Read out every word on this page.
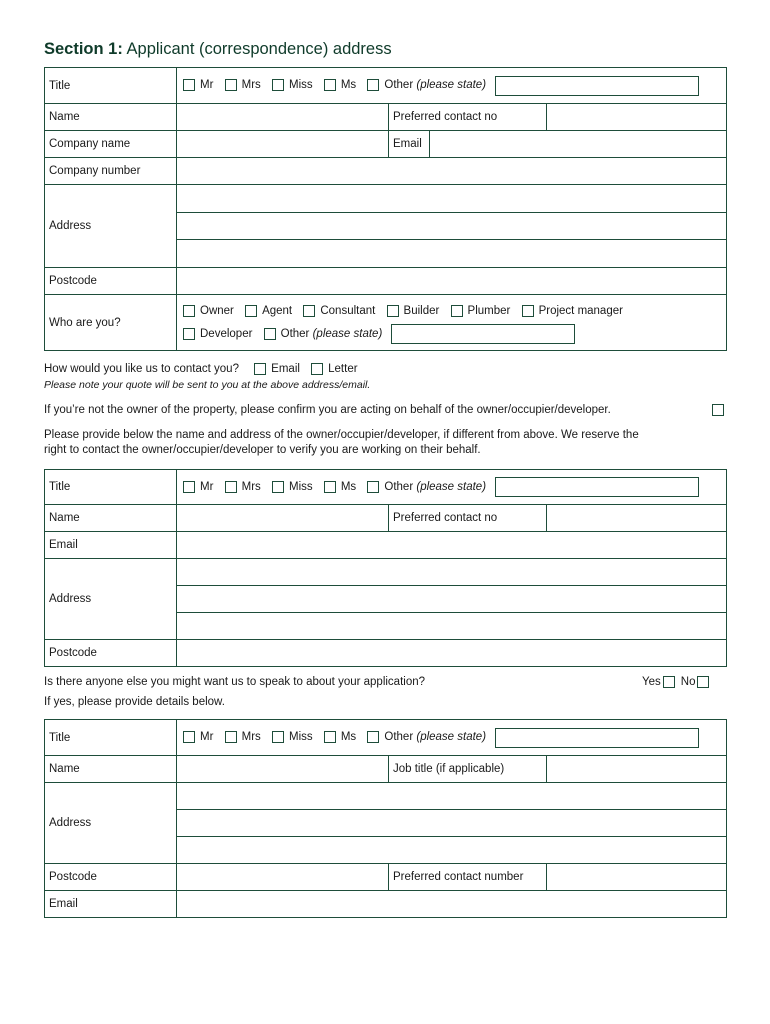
Section 1: Applicant (correspondence) address
Title	Mr Mrs Miss Ms Other (please state)		
Name		Preferred contact no	
Company name		Email	

Company number			
Address			

Postcode			
Who are you?	Owner Agent Consultant Builder Plumber Project manager
Developer Other (please state)		
How would you like us to contact you?	Email Letter
Please note your quote will be sent to you at the above address/email.
If you’re not the owner of the property, please confirm you are acting on behalf of the owner/occupier/developer.
Please provide below the name and address of the owner/occupier/developer, if different from above. We reserve the
right to contact the owner/occupier/developer to verify you are working on their behalf.
Title	Mr Mrs Miss Ms Other (please state)		
Name		Preferred contact no	
Email			
Address			

Postcode			
Is there anyone else you might want us to speak to about your application?	Yes No
If yes, please provide details below.
Title	Mr Mrs Miss Ms Other (please state)		
Name		Job title (if applicable)	
Address			

Postcode		Preferred contact number	
Email			
